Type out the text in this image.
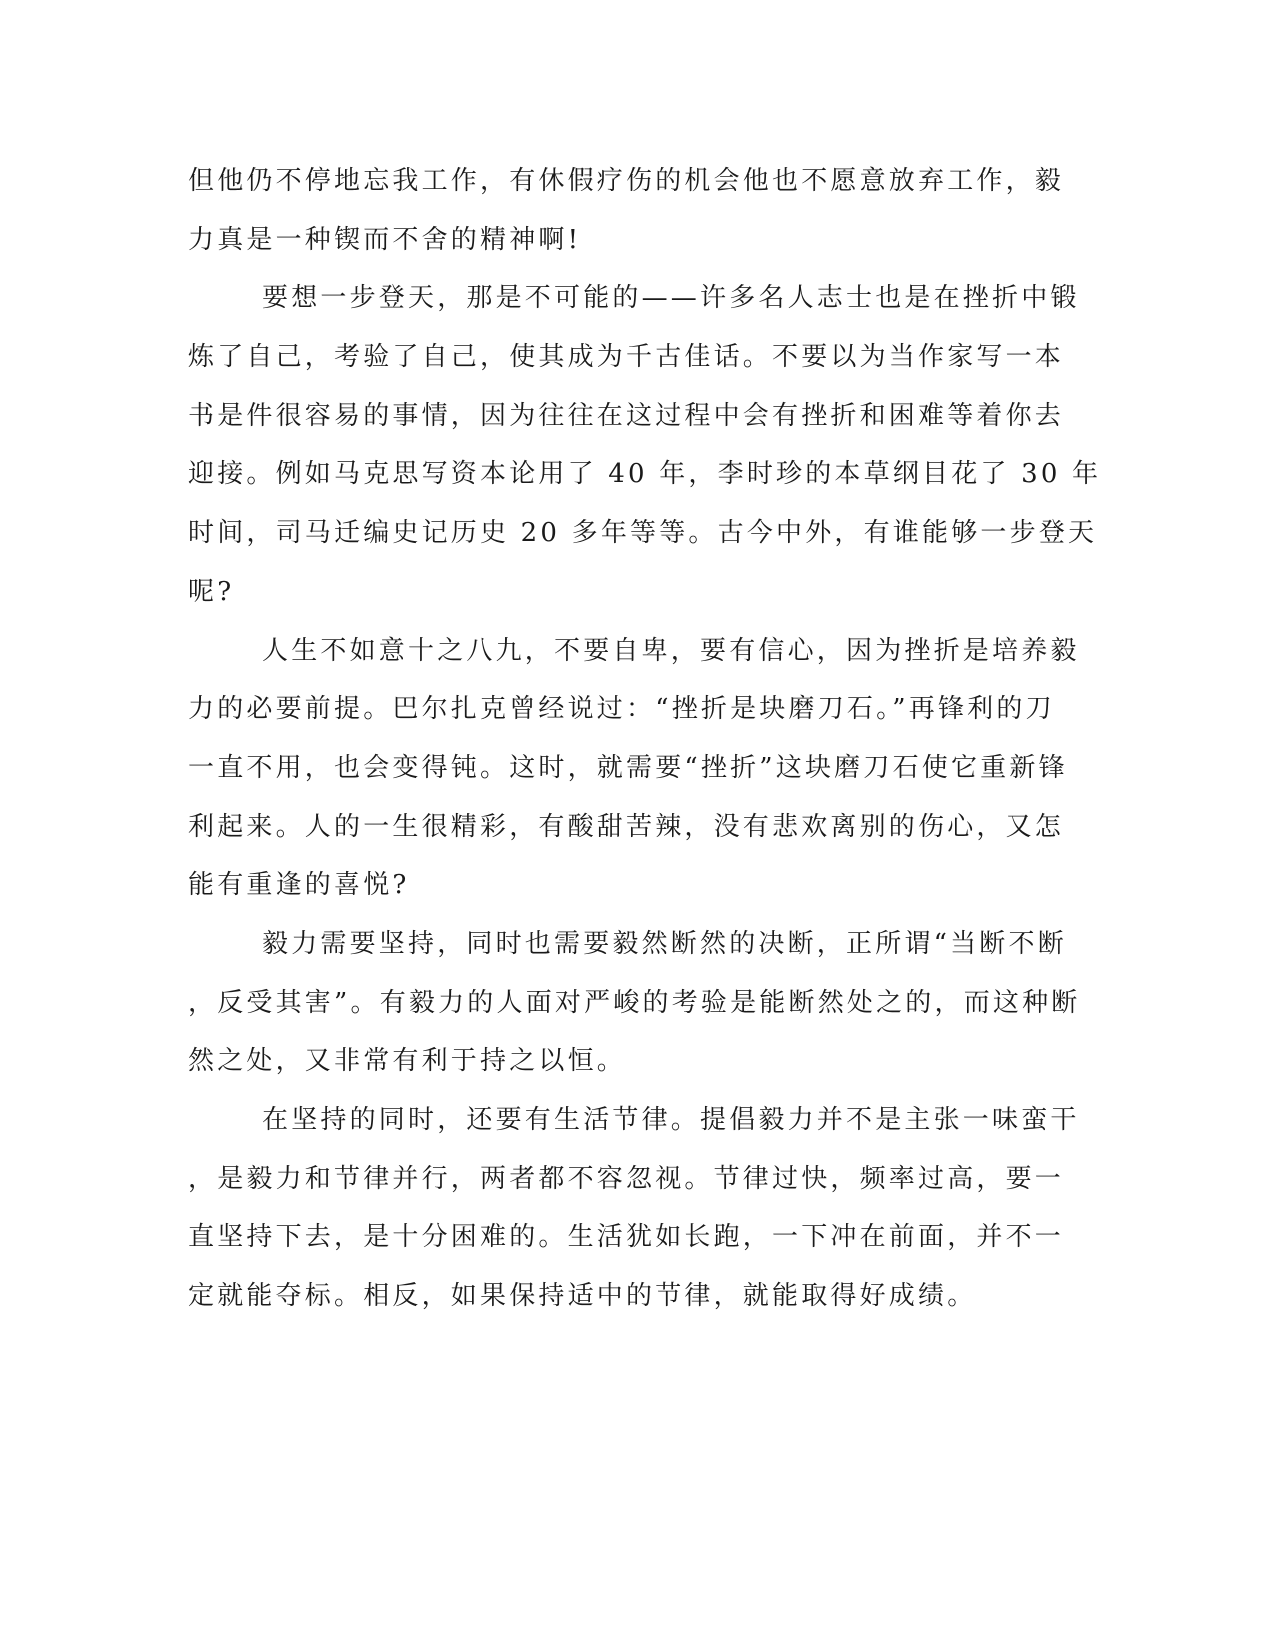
但他仍不停地忘我工作，有休假疗伤的机会他也不愿意放弃工作，毅
力真是一种锲而不舍的精神啊!
要想一步登天，那是不可能的——许多名人志士也是在挫折中锻
炼了自己，考验了自己，使其成为千古佳话。不要以为当作家写一本
书是件很容易的事情，因为往往在这过程中会有挫折和困难等着你去
迎接。例如马克思写资本论用了 40 年，李时珍的本草纲目花了 30 年
时间，司马迁编史记历史 20 多年等等。古今中外，有谁能够一步登天
呢?
人生不如意十之八九，不要自卑，要有信心，因为挫折是培养毅
力的必要前提。巴尔扎克曾经说过：“挫折是块磨刀石。”再锋利的刀
一直不用，也会变得钝。这时，就需要“挫折”这块磨刀石使它重新锋
利起来。人的一生很精彩，有酸甜苦辣，没有悲欢离别的伤心，又怎
能有重逢的喜悦?
毅力需要坚持，同时也需要毅然断然的决断，正所谓“当断不断
，反受其害”。有毅力的人面对严峻的考验是能断然处之的，而这种断
然之处，又非常有利于持之以恒。
在坚持的同时，还要有生活节律。提倡毅力并不是主张一味蛮干
，是毅力和节律并行，两者都不容忽视。节律过快，频率过高，要一
直坚持下去，是十分困难的。生活犹如长跑，一下冲在前面，并不一
定就能夺标。相反，如果保持适中的节律，就能取得好成绩。
